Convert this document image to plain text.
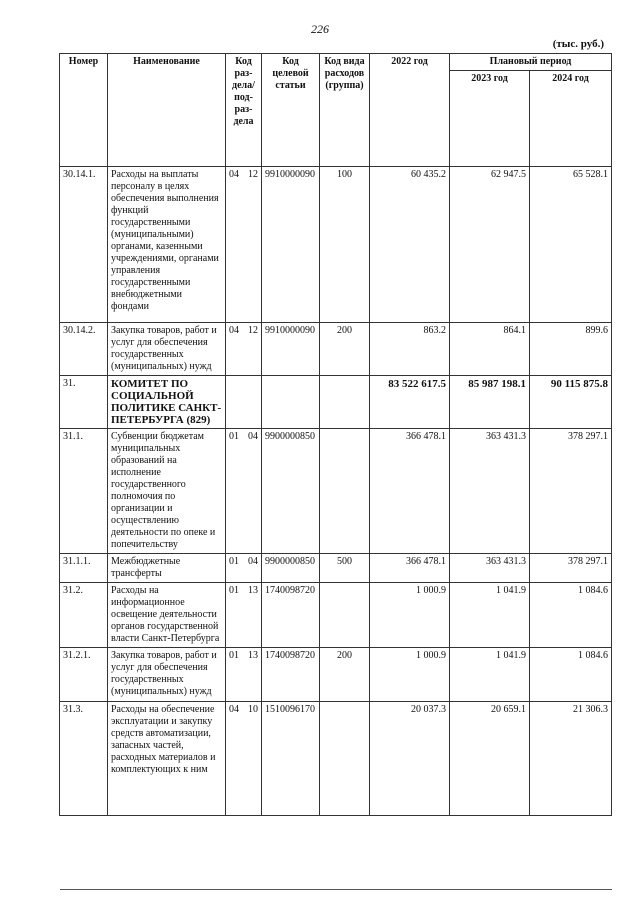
226
(тыс. руб.)
Номер	Наименование	Код раз-дела/ под-раз-дела	Код целевой статьи	Код вида расходов (группа)	2022 год	Плановый период	
						2023 год	2024 год
30.14.1.	Расходы на выплаты персоналу в целях обеспечения выполнения функций государственными (муниципальными) органами, казенными учреждениями, органами управления государственными внебюджетными фондами	04 12	9910000090	100	60 435.2	62 947.5	65 528.1
30.14.2.	Закупка товаров, работ и услуг для обеспечения государственных (муниципальных) нужд	04 12	9910000090	200	863.2	864.1	899.6
31.	КОМИТЕТ ПО СОЦИАЛЬНОЙ ПОЛИТИКЕ САНКТ-ПЕТЕРБУРГА (829)				83 522 617.5	85 987 198.1	90 115 875.8
31.1.	Субвенции бюджетам муниципальных образований на исполнение государственного полномочия по организации и осуществлению деятельности по опеке и попечительству	01 04	9900000850		366 478.1	363 431.3	378 297.1
31.1.1.	Межбюджетные трансферты	01 04	9900000850	500	366 478.1	363 431.3	378 297.1
31.2.	Расходы на информационное освещение деятельности органов государственной власти Санкт-Петербурга	01 13	1740098720		1 000.9	1 041.9	1 084.6
31.2.1.	Закупка товаров, работ и услуг для обеспечения государственных (муниципальных) нужд	01 13	1740098720	200	1 000.9	1 041.9	1 084.6
31.3.	Расходы на обеспечение эксплуатации и закупку средств автоматизации, запасных частей, расходных материалов и комплектующих к ним	04 10	1510096170		20 037.3	20 659.1	21 306.3
